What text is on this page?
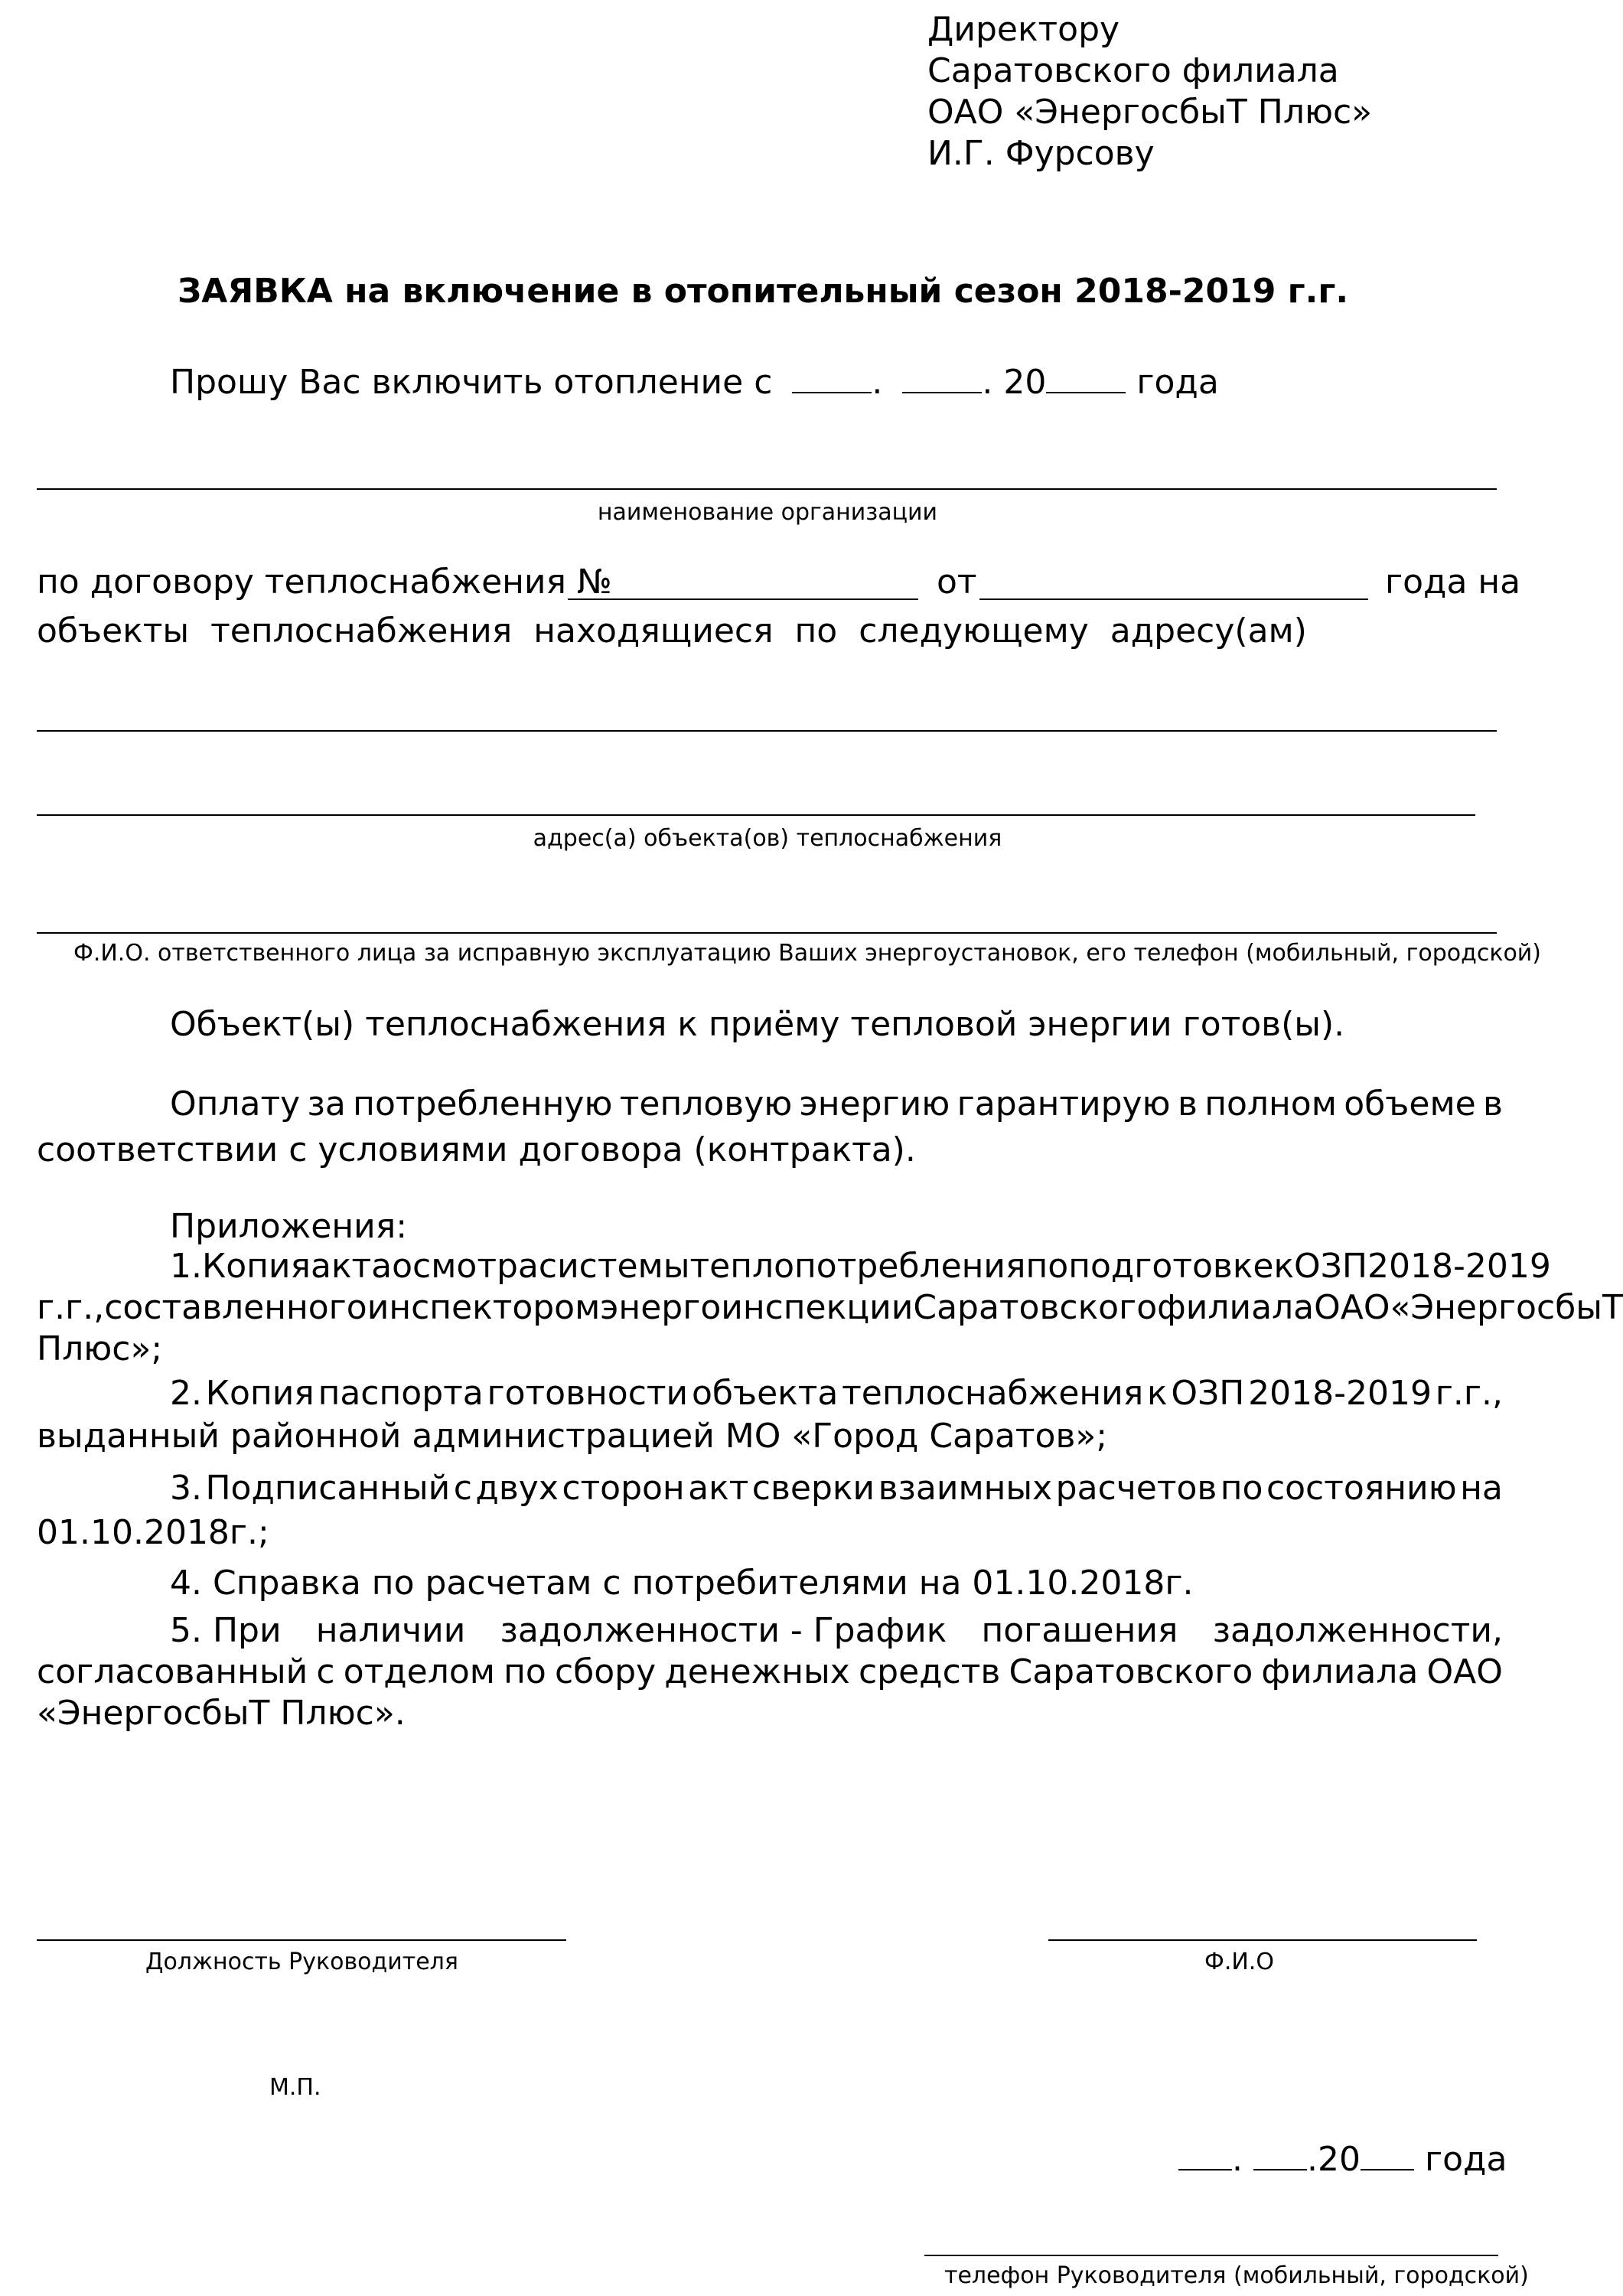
Директору
Саратовского филиала
ОАО «ЭнергосбыТ Плюс»
И.Г. Фурсову
ЗАЯВКА на включение в отопительный сезон 2018-2019 г.г.
Прошу Вас включить отопление с	.	. 20	года
наименование организации
по договору теплоснабжения №	от	года на
объекты  теплоснабжения  находящиеся  по  следующему  адресу(ам)
адрес(а) объекта(ов) теплоснабжения
Ф.И.О. ответственного лица за исправную эксплуатацию Ваших энергоустановок, его телефон (мобильный, городской)
Объект(ы) теплоснабжения к приёму тепловой энергии готов(ы).
Оплату за потребленную тепловую энергию гарантирую в полном объеме в
соответствии с условиями договора (контракта).
Приложения:
1. Копия акта осмотра системы теплопотребления по подготовке к ОЗП 2018-2019
г.г., составленного инспектором энергоинспекции Саратовского филиала ОАО «ЭнергосбыТ
Плюс»;
2. Копия паспорта готовности объекта теплоснабжения к ОЗП 2018-2019 г.г.,
выданный районной администрацией МО «Город Саратов»;
3. Подписанный с двух сторон акт сверки взаимных расчетов по состоянию на
01.10.2018г.;
4. Справка по расчетам с потребителями на 01.10.2018г.
5. При наличии задолженности - График погашения задолженности,
согласованный с отделом по сбору денежных средств Саратовского филиала ОАО
«ЭнергосбыТ Плюс».
Должность Руководителя	Ф.И.О
М.П.
. .20 года
телефон Руководителя (мобильный, городской)
